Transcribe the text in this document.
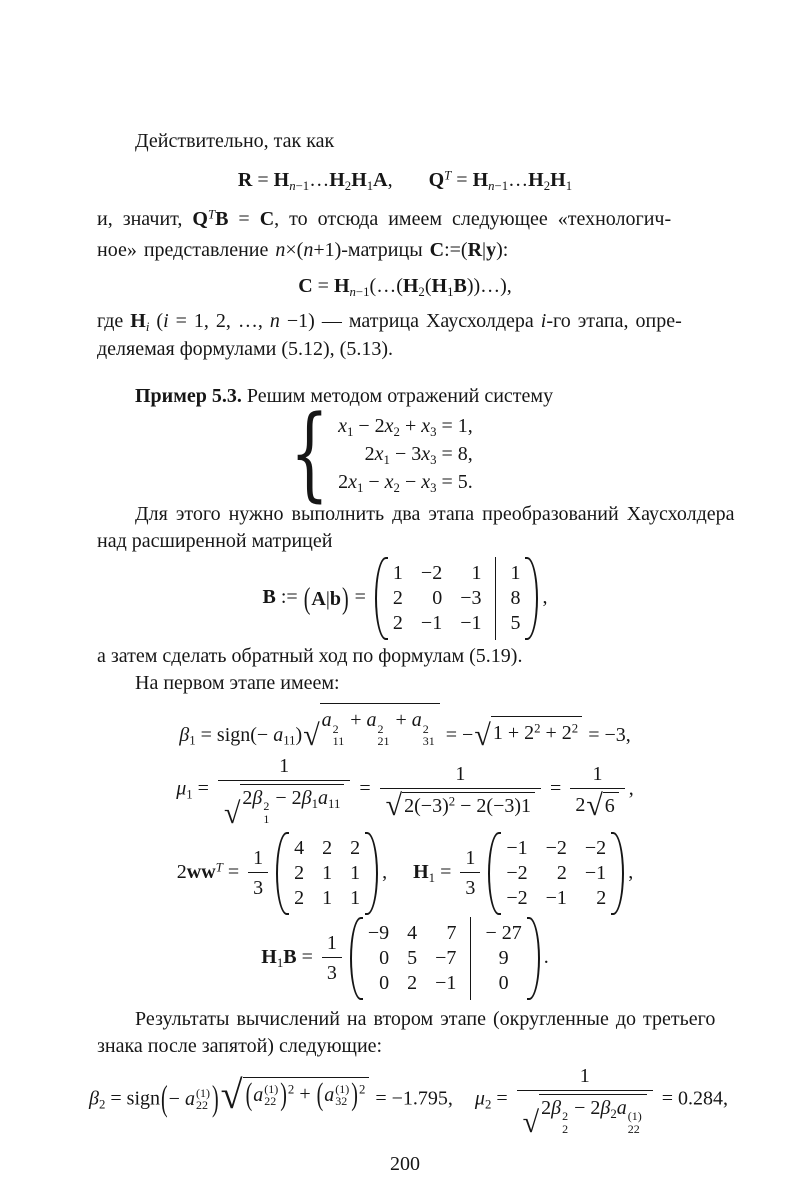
Действительно, так как
$R = H_{n-1}\dots H_2H_1A$, $Q^T$ = $H_{n-1}\dots H_2H_1$
и, значит, $Q^TB = C$, то отсюда имеем следующее «технологич-
ное» представление n×(n+1)-матрицы C:=(R|y):
$C = H_{n-1}(\dots(H_2(H_1B))\dots)$,
где $H_i$ (i = 1, 2, …, n −1) — матрица Хаусхолдера i-го этапа, опре-
деляемая формулами (5.12), (5.13).
Пример 5.3. Решим методом отражений систему
{ $x_1 - 2x_2 + x_3 = 1$,
$2x_1 - 3x_3 = 8$,
$2x_1 - x_2 - x_3 = 5$.
Для этого нужно выполнить два этапа преобразований Хаусхолдера
над расширенной матрицей
B := ( A | b ) =
1 −2 1
2 0 −3
2 −1 −1
1
8
5
,
а затем сделать обратный ход по формулам (5.19).
На первом этапе имеем:
$\beta_1$ = sign(− $a_{11}$) √ a 2
11
+ a 2
21
+ a 2
31 = − √ $1 + 2^2 + 2^2 = -3$,
$\mu_1 = 1$
√ 2β 2
1
− $2\beta_1a_{11} = \frac{1}{√ 2(-3)^2 - 2(-3)1} = \frac{1}{2 √ 6}$ ,
$2ww^T = \frac{1}{3} 4$ 2 2
2 1 1
2 1 1
, $H_1 = \frac{1}{3} -1 -2 -2$
−2 2 −1
−2 −1 2
,
$H_1B = \frac{1}{3} -9$ 4 7
0 5 −7
0 2 −1
− 27
9
0
.
Результаты вычислений на втором этапе (округленные до третьего
знака после запятой) следующие:
$\beta_2$ = sign ( − a (1)
22 ) √ ( a (1)
22 ) $^2$ + ( a (1)
32 ) $^2$ = −1.795, $\mu_2 = 1$
√ 2β 2
2
− $2\beta_2a$ (1)
22 = 0.284,
200
